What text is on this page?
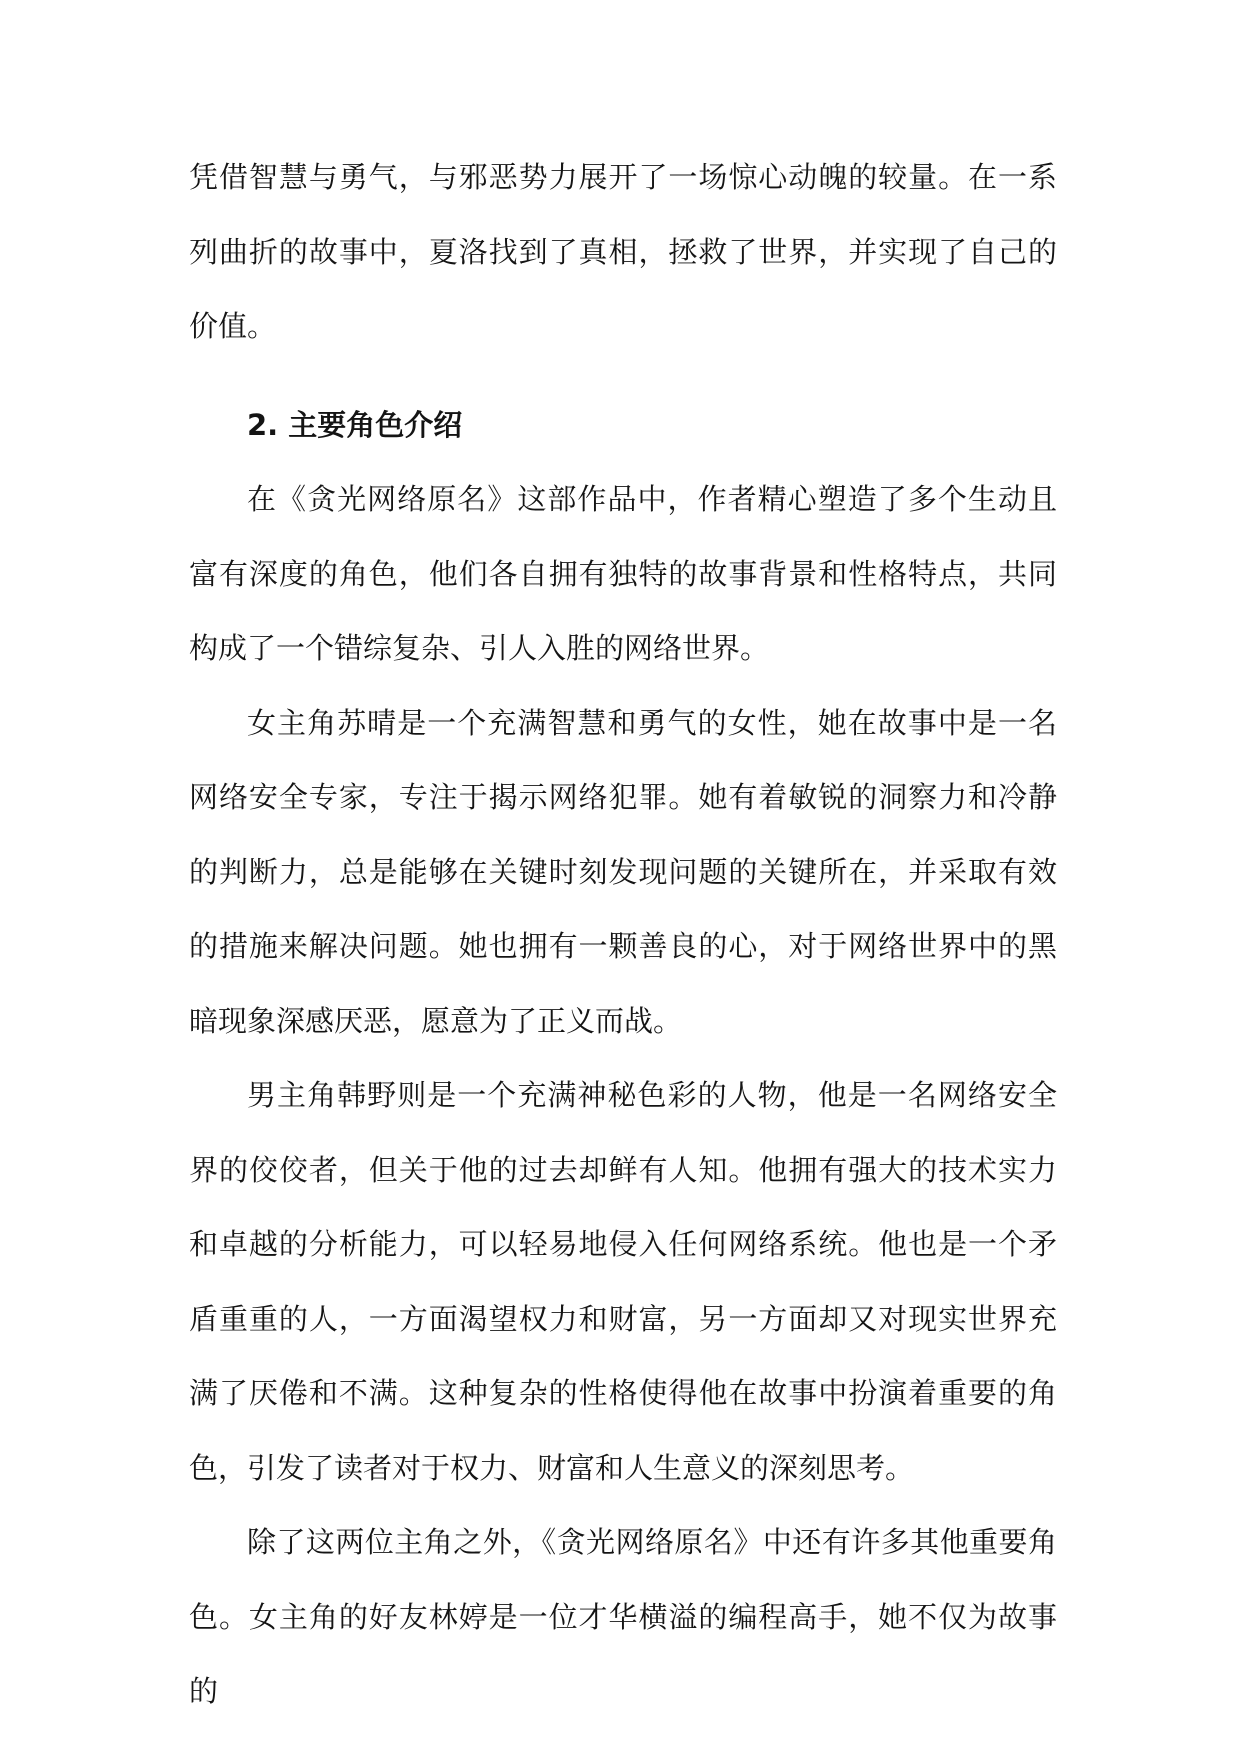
凭借智慧与勇气，与邪恶势力展开了一场惊心动魄的较量。在一系列曲折的故事中，夏洛找到了真相，拯救了世界，并实现了自己的价值。

2. 主要角色介绍

在《贪光网络原名》这部作品中，作者精心塑造了多个生动且富有深度的角色，他们各自拥有独特的故事背景和性格特点，共同构成了一个错综复杂、引人入胜的网络世界。

女主角苏晴是一个充满智慧和勇气的女性，她在故事中是一名网络安全专家，专注于揭示网络犯罪。她有着敏锐的洞察力和冷静的判断力，总是能够在关键时刻发现问题的关键所在，并采取有效的措施来解决问题。她也拥有一颗善良的心，对于网络世界中的黑暗现象深感厌恶，愿意为了正义而战。

男主角韩野则是一个充满神秘色彩的人物，他是一名网络安全界的佼佼者，但关于他的过去却鲜有人知。他拥有强大的技术实力和卓越的分析能力，可以轻易地侵入任何网络系统。他也是一个矛盾重重的人，一方面渴望权力和财富，另一方面却又对现实世界充满了厌倦和不满。这种复杂的性格使得他在故事中扮演着重要的角色，引发了读者对于权力、财富和人生意义的深刻思考。

除了这两位主角之外，《贪光网络原名》中还有许多其他重要角色。女主角的好友林婷是一位才华横溢的编程高手，她不仅为故事的
